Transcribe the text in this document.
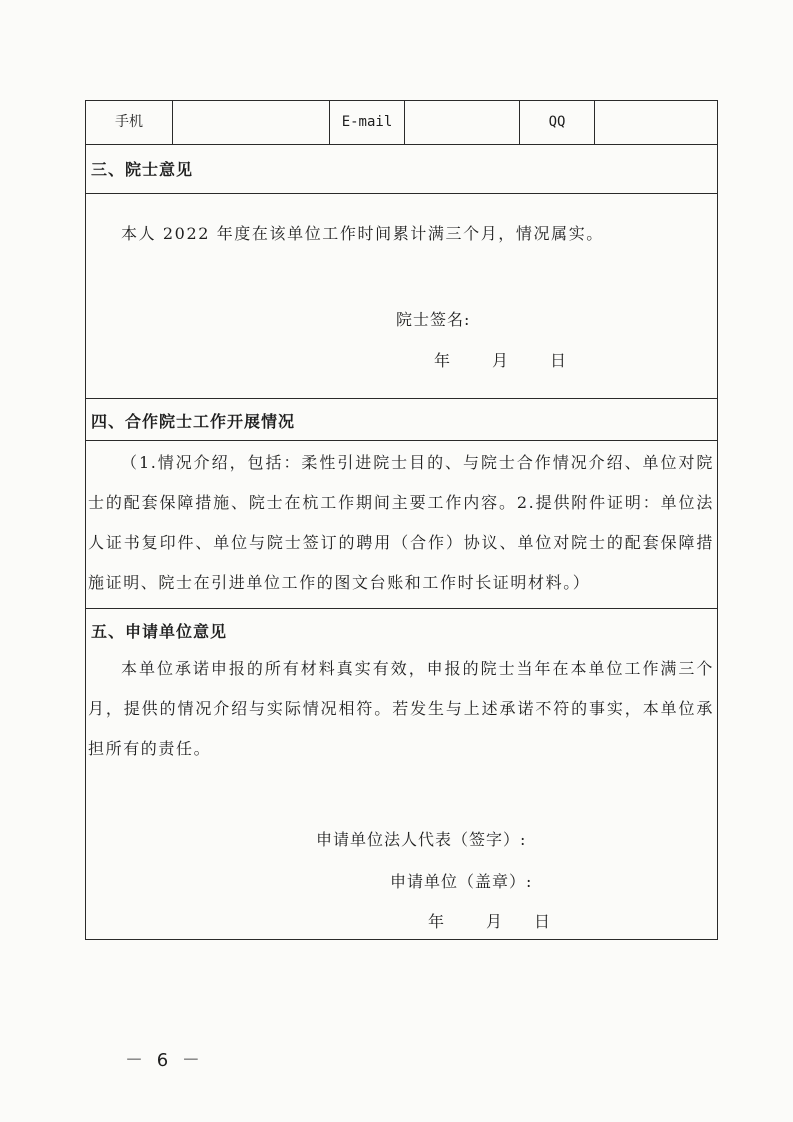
手机	E-mail	QQ
三、院士意见

本人 2022 年度在该单位工作时间累计满三个月，情况属实。

院士签名:
年	月	日
四、合作院士工作开展情况

（1.情况介绍，包括：柔性引进院士目的、与院士合作情况介绍、单位对院士的配套保障措施、院士在杭工作期间主要工作内容。2.提供附件证明：单位法人证书复印件、单位与院士签订的聘用（合作）协议、单位对院士的配套保障措施证明、院士在引进单位工作的图文台账和工作时长证明材料。）

五、申请单位意见

本单位承诺申报的所有材料真实有效，申报的院士当年在本单位工作满三个月，提供的情况介绍与实际情况相符。若发生与上述承诺不符的事实，本单位承担所有的责任。

申请单位法人代表（签字）:
申请单位（盖章）:
年	月 日
－ 6 －
